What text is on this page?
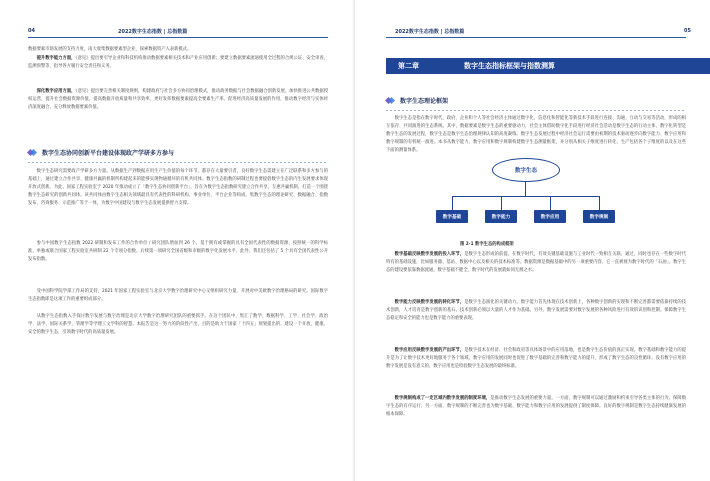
04	2022数字生态指数 | 总指数篇

数据要素市场发展的支持力度，南大收集数据要素型企业，探索数据资产入表新模式。

提升数字能力方面，《意见》提出要引导企业和科技机构推动数据要素相关技术和产业应用创新；要建立数据要素流通使用全过程的合规公证、安全审查、监测预警等，指导各方履行安全责任和义务。

深化数字应用方面，《意见》提出要完善相关制度规则，构建政府与社会多方协同治理模式，推动政务数据与社会数据融合创新发展，加快推进公共数据授权运营，提升社会数据资源价值，提高数据开放质量和共享效率，更好发挥数据要素提高全要素生产率、促进经济高质量发展的作用，推动数字经济与实体经济深度融合，充分释放数据要素价值。

数字生态协同创新平台建设体现政产学研多方参与

数字生态研究需要政产学研多方力量。从数据生产到数据应用生产生价值的每个环节，都存在大量要引者。良好数字生态需建立在广泛联系和多方参与的基础上，通过建立合作共享、健康共赢的机制所构建起来的能够实现物通循环的有机共同体。数字生态指数的研制过程也要提倡数字生态的内生发展要求体现开放式创新。为此，国家工程实验室于 2020 年推动成立了「数字生态协同创新平台」，旨在为数字生态指数研究建立合作共享、互惠共赢机制，打造一个围绕数字生态研究的创新共同体。该共同体由数字生态相关领域最具有代表性的科研机构、事业单位、平台企业等构成，集数字生态的理论研究、数据融合、指数发布、咨询服务、示范推广等于一体，为数字中国建设与数字生态发展提供智力支撑。

参与中国数字生态指数 2022 研制和发布工作的合作单位 / 研究团队增加到 26 个，基于拥有或掌握的具有全国代表性的数据资源，按照统一的科学标准，单独或联合国家工程实验室共研制 22 个专项分指数。后续第一项研究全国省级和市级的数字化发展水平。此外，我们还包括了 5 个具有全国代表性公开发布指数。

受中国科学院学部工作局的支持，2021 年国家工程实验室与北京大学数字治理研究中心又组织研究力量，开展对中美欧数字治理格局的研究。国际数字生态指数即是这项工作的重要组成部分。

从数字生态指数入手探讨数字发展与数字治理是北京大学数字治理研究团队的重要抓手。在这个团队中，集汇了数学、数据科学、工学、社会学、政治学、法学、国际关系学、管理学等学理工文学科的智慧。本报告是这一努力的阶段性产出，目的是助力于国家「十四五」规划提出的，建设一个开放、健康、安全的数字生态，引领数字时代的高质量发展。

2022数字生态指数 | 总指数篇	05
第二章	数字生态指标框架与指数测算
数字生态理论框架

数字生态是指在数字时代，政府、企业和个人等社会经济主体通过数字化、信息化和智能化等新技术手段进行连接、沟通、互动与交易等活动，形成的相互依存、共同演进的生态系统。其中，数据要素是数字生态的重要驱动力，社会主体借助数字化手段进行经济社会活动是数字生态的行动主体，数字化转型是数字生态的发展过程，数字生态是数字生态治理规律认知的高度凝练。数字生态发展过程中经济社会运行需要由初期的技术驱动逐步向数字能力、数字应用和数字规制的有机统一演进。本书从数字能力、数字应用和数字规制构建数字生态测量框架，并分别从相关子维度进行转化，生产包括各个子维度的以及在这些下面的测量体系。

数字生态
数字基础	数字能力	数字应用	数字规制
图 2-1 数字生态的构成框架

数字基础反映数字发展的投入环节，是数字生态形成的前提。在数字时代，有效关键基础设施与工业时代一致相互关联，通过，同时也存在一些数字时代特有的基础设施，比如服务器、基站、数据中心以及相关的技术标准等。数据资源是数据基础中的另一项重要内容，它一直被视为数字时代的「石油」。数字生态的建设要依靠数据流通。数字基础不健全，数字时代的发展就如同无源之水。

数字能力反映数字发展的转化环节，是数字生态演化的关键动力。数字能力首先体现在技术创新上，各种数字创新的实现和不断完善都需要依靠持续的技术创新，人才培育是数字创新的基石。技术创新必须以大量的人才作为基础。另外，数字发展需要对数字发展的各种风险进行有效的识别和控制。保障数字生态稳定和安全的能力也是数字能力的重要表现。

数字应用反映数字发展的产出环节，是数字技术在经济、社会和政府等具体场景中的应用落地，也是数字生态价值的真正实现。数字基础和数字能力的提升是为了让数字技术更好地服务于各个领域。数字应用的发展同时也促进了数字基础的完善和数字能力的提升，形成了数字生态的良性循环。没有数字应用的数字发展是没有意义的，数字应用也是检验数字生态发展的最终标准。

数字规制构成了一定区域内数字发展的制度环境，是推动数字生态发展的重要力量。一方面，数字规制可以通过激励和约束引导各类主体的行为，保障数字生态的有序运行；另一方面，数字规制的不断完善也为数字基础、数字能力和数字应用的发展提供了制度保障。良好的数字规制是数字生态持续健康发展的根本保障。
